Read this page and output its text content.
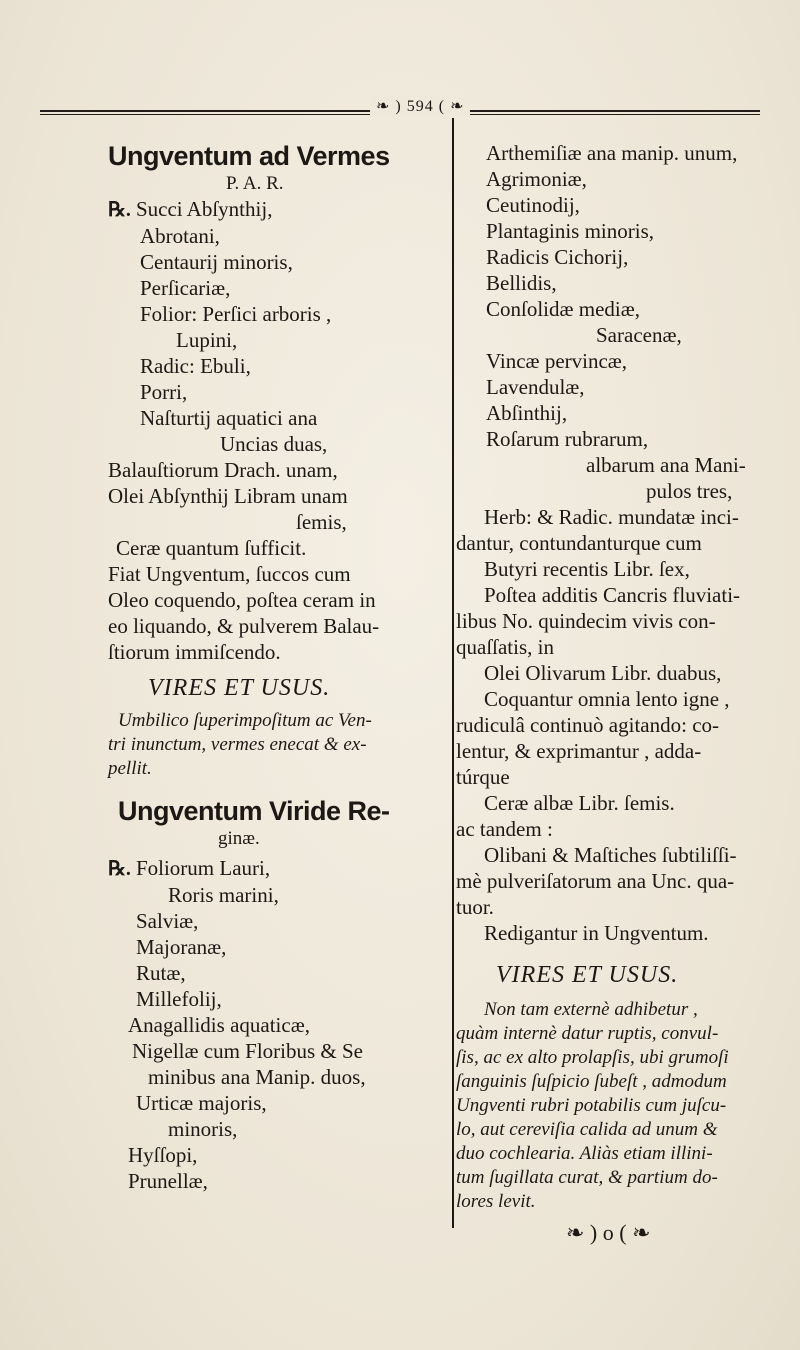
❧ ) 594 ( ❧
Ungventum ad Vermes
P. A. R.
℞. Succi Abſynthij,
Abrotani,
Centaurij minoris,
Perſicariæ,
Folior: Perſici arboris ,
Lupini,
Radic: Ebuli,
Porri,
Naſturtij aquatici ana
Uncias duas,
Balauſtiorum Drach. unam,
Olei Abſynthij Libram unam
ſemis,
Ceræ quantum ſufficit.
Fiat Ungventum, ſuccos cum
Oleo coquendo, poſtea ceram in
eo liquando, & pulverem Balau-
ſtiorum immiſcendo.
VIRES ET USUS.
Umbilico ſuperimpoſitum ac Ven-
tri inunctum, vermes enecat & ex-
pellit.
Ungventum Viride Re-
ginæ.
℞. Foliorum Lauri,
Roris marini,
Salviæ,
Majoranæ,
Rutæ,
Millefolij,
Anagallidis aquaticæ,
Nigellæ cum Floribus & Se
minibus ana Manip. duos,
Urticæ majoris,
minoris,
Hyſſopi,
Prunellæ,
Arthemiſiæ ana manip. unum,
Agrimoniæ,
Ceutinodij,
Plantaginis minoris,
Radicis Cichorij,
Bellidis,
Conſolidæ mediæ,
Saracenæ,
Vincæ pervincæ,
Lavendulæ,
Abſinthij,
Roſarum rubrarum,
albarum ana Mani-
pulos tres,
Herb: & Radic. mundatæ inci-
dantur, contundanturque cum
Butyri recentis Libr. ſex,
Poſtea additis Cancris fluviati-
libus No. quindecim vivis con-
quaſſatis, in
Olei Olivarum Libr. duabus,
Coquantur omnia lento igne ,
rudiculâ continuò agitando: co-
lentur, & exprimantur , adda-
túrque
Ceræ albæ Libr. ſemis.
ac tandem :
Olibani & Maſtiches ſubtiliſſi-
mè pulveriſatorum ana Unc. qua-
tuor.
Redigantur in Ungventum.
VIRES ET USUS.
Non tam externè adhibetur ,
quàm internè datur ruptis, convul-
ſis, ac ex alto prolapſis, ubi grumoſi
ſanguinis ſuſpicio ſubeſt , admodum
Ungventi rubri potabilis cum juſcu-
lo, aut cereviſia calida ad unum &
duo cochlearia. Aliàs etiam illini-
tum ſugillata curat, & partium do-
lores levit.
❧ ) o ( ❧
